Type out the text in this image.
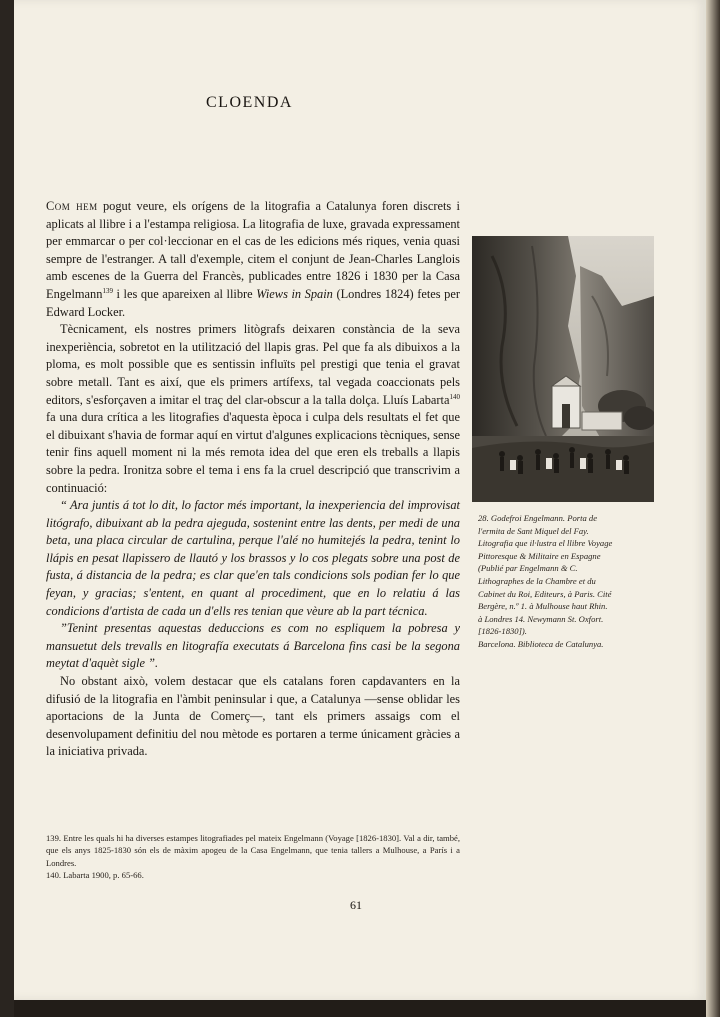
CLOENDA

Com hem pogut veure, els orígens de la litografia a Catalunya foren discrets i aplicats al llibre i a l'estampa religiosa. La litografia de luxe, gravada expressament per emmarcar o per col·leccionar en el cas de les edicions més riques, venia quasi sempre de l'estranger. A tall d'exemple, citem el conjunt de Jean-Charles Langlois amb escenes de la Guerra del Francès, publicades entre 1826 i 1830 per la Casa Engelmann$^{139}$ i les que apareixen al llibre Wiews in Spain (Londres 1824) fetes per Edward Locker.

Tècnicament, els nostres primers litògrafs deixaren constància de la seva inexperiència, sobretot en la utilització del llapis gras. Pel que fa als dibuixos a la ploma, es molt possible que es sentissin influïts pel prestigi que tenia el gravat sobre metall. Tant es així, que els primers artífexs, tal vegada coaccionats pels editors, s'esforçaven a imitar el traç del clar-obscur a la talla dolça. Lluís Labarta$^{140}$ fa una dura crítica a les litografies d'aquesta època i culpa dels resultats el fet que el dibuixant s'havia de formar aquí en virtut d'algunes explicacions tècniques, sense tenir fins aquell moment ni la més remota idea del que eren els treballs a llapis sobre la pedra. Ironitza sobre el tema i ens fa la cruel descripció que transcrivim a continuació:

“ Ara juntis á tot lo dit, lo factor més important, la inexperiencia del improvisat litógrafo, dibuixant ab la pedra ajeguda, sostenint entre las dents, per medi de una beta, una placa circular de cartulina, perque l'alé no humitejés la pedra, tenint lo llápis en pesat llapissero de llautó y los brassos y lo cos plegats sobre una post de fusta, á distancia de la pedra; es clar que'en tals condicions sols podian fer lo que feyan, y gracias; s'entent, en quant al procediment, que en lo relatiu á las condicions d'artista de cada un d'ells res tenian que vèure ab la part técnica.

”Tenint presentas aquestas deduccions es com no espliquem la pobresa y mansuetut dels trevalls en litografía executats á Barcelona fins casi be la segona meytat d'aquèt sigle ”.

No obstant això, volem destacar que els catalans foren capdavanters en la difusió de la litografia en l'àmbit peninsular i que, a Catalunya —sense oblidar les aportacions de la Junta de Comerç—, tant els primers assaigs com el desenvolupament definitiu del nou mètode es portaren a terme únicament gràcies a la iniciativa privada.

28. Godefroi Engelmann. Porta de
l'ermita de Sant Miquel del Fay.
Litografia que il·lustra el llibre Voyage
Pittoresque & Militaire en Espagne
(Publié par Engelmann & C.
Lithographes de la Chambre et du
Cabinet du Roi, Editeurs, à Paris. Cité
Bergère, n.º 1. à Mulhouse haut Rhin.
à Londres 14. Newymann St. Oxfort.
[1826-1830]).
Barcelona. Biblioteca de Catalunya.

139. Entre les quals hi ha diverses estampes litografiades pel mateix Engelmann (Voyage [1826-1830]. Val a dir, també, que els anys 1825-1830 són els de màxim apogeu de la Casa Engelmann, que tenia tallers a Mulhouse, a París i a Londres.

140. Labarta 1900, p. 65-66.

61
